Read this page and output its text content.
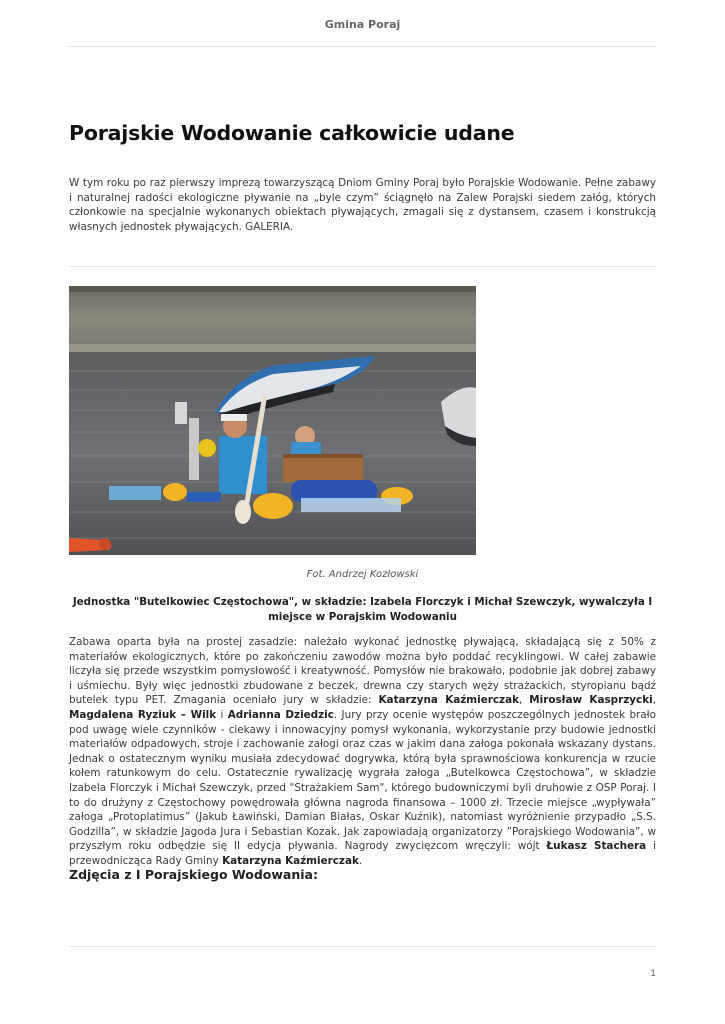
Gmina Poraj
Porajskie Wodowanie całkowicie udane

W tym roku po raz pierwszy imprezą towarzyszącą Dniom Gminy Poraj było Porajskie Wodowanie. Pełne zabawy i naturalnej radości ekologiczne pływanie na „byle czym” ściągnęło na Zalew Porajski siedem załóg, których członkowie na specjalnie wykonanych obiektach pływających, zmagali się z dystansem, czasem i konstrukcją własnych jednostek pływających. GALERIA.

Fot. Andrzej Kozłowski

Jednostka "Butelkowiec Częstochowa", w składzie: Izabela Florczyk i Michał Szewczyk, wywalczyła I miejsce w Porajskim Wodowaniu

Zabawa oparta była na prostej zasadzie: należało wykonać jednostkę pływającą, składającą się z 50% z materiałów ekologicznych, które po zakończeniu zawodów można było poddać recyklingowi. W całej zabawie liczyła się przede wszystkim pomysłowość i kreatywność. Pomysłów nie brakowało, podobnie jak dobrej zabawy i uśmiechu. Były więc jednostki zbudowane z beczek, drewna czy starych węży strażackich, styropianu bądź butelek typu PET. Zmagania oceniało jury w składzie: Katarzyna Kaźmierczak, Mirosław Kasprzycki, Magdalena Ryziuk – Wilk i Adrianna Dziedzic. Jury przy ocenie występów poszczególnych jednostek brało pod uwagę wiele czynników - ciekawy i innowacyjny pomysł wykonania, wykorzystanie przy budowie jednostki materiałów odpadowych, stroje i zachowanie załogi oraz czas w jakim dana załoga pokonała wskazany dystans. Jednak o ostatecznym wyniku musiała zdecydować dogrywka, którą była sprawnościowa konkurencja w rzucie kołem ratunkowym do celu. Ostatecznie rywalizację wygrała załoga „Butelkowca Częstochowa”, w składzie Izabela Florczyk i Michał Szewczyk, przed "Strażakiem Sam", którego budowniczymi byli druhowie z OSP Poraj. I to do drużyny z Częstochowy powędrowała główna nagroda finansowa – 1000 zł. Trzecie miejsce „wypływała” załoga „Protoplatimus” (Jakub Ławiński, Damian Białas, Oskar Kuźnik), natomiast wyróżnienie przypadło „S.S. Godzilla”, w składzie Jagoda Jura i Sebastian Kozak. Jak zapowiadają organizatorzy ”Porajskiego Wodowania”, w przyszłym roku odbędzie się II edycja pływania. Nagrody zwycięzcom wręczyli: wójt Łukasz Stachera i przewodnicząca Rady Gminy Katarzyna Kaźmierczak.

Zdjęcia z I Porajskiego Wodowania:
1
